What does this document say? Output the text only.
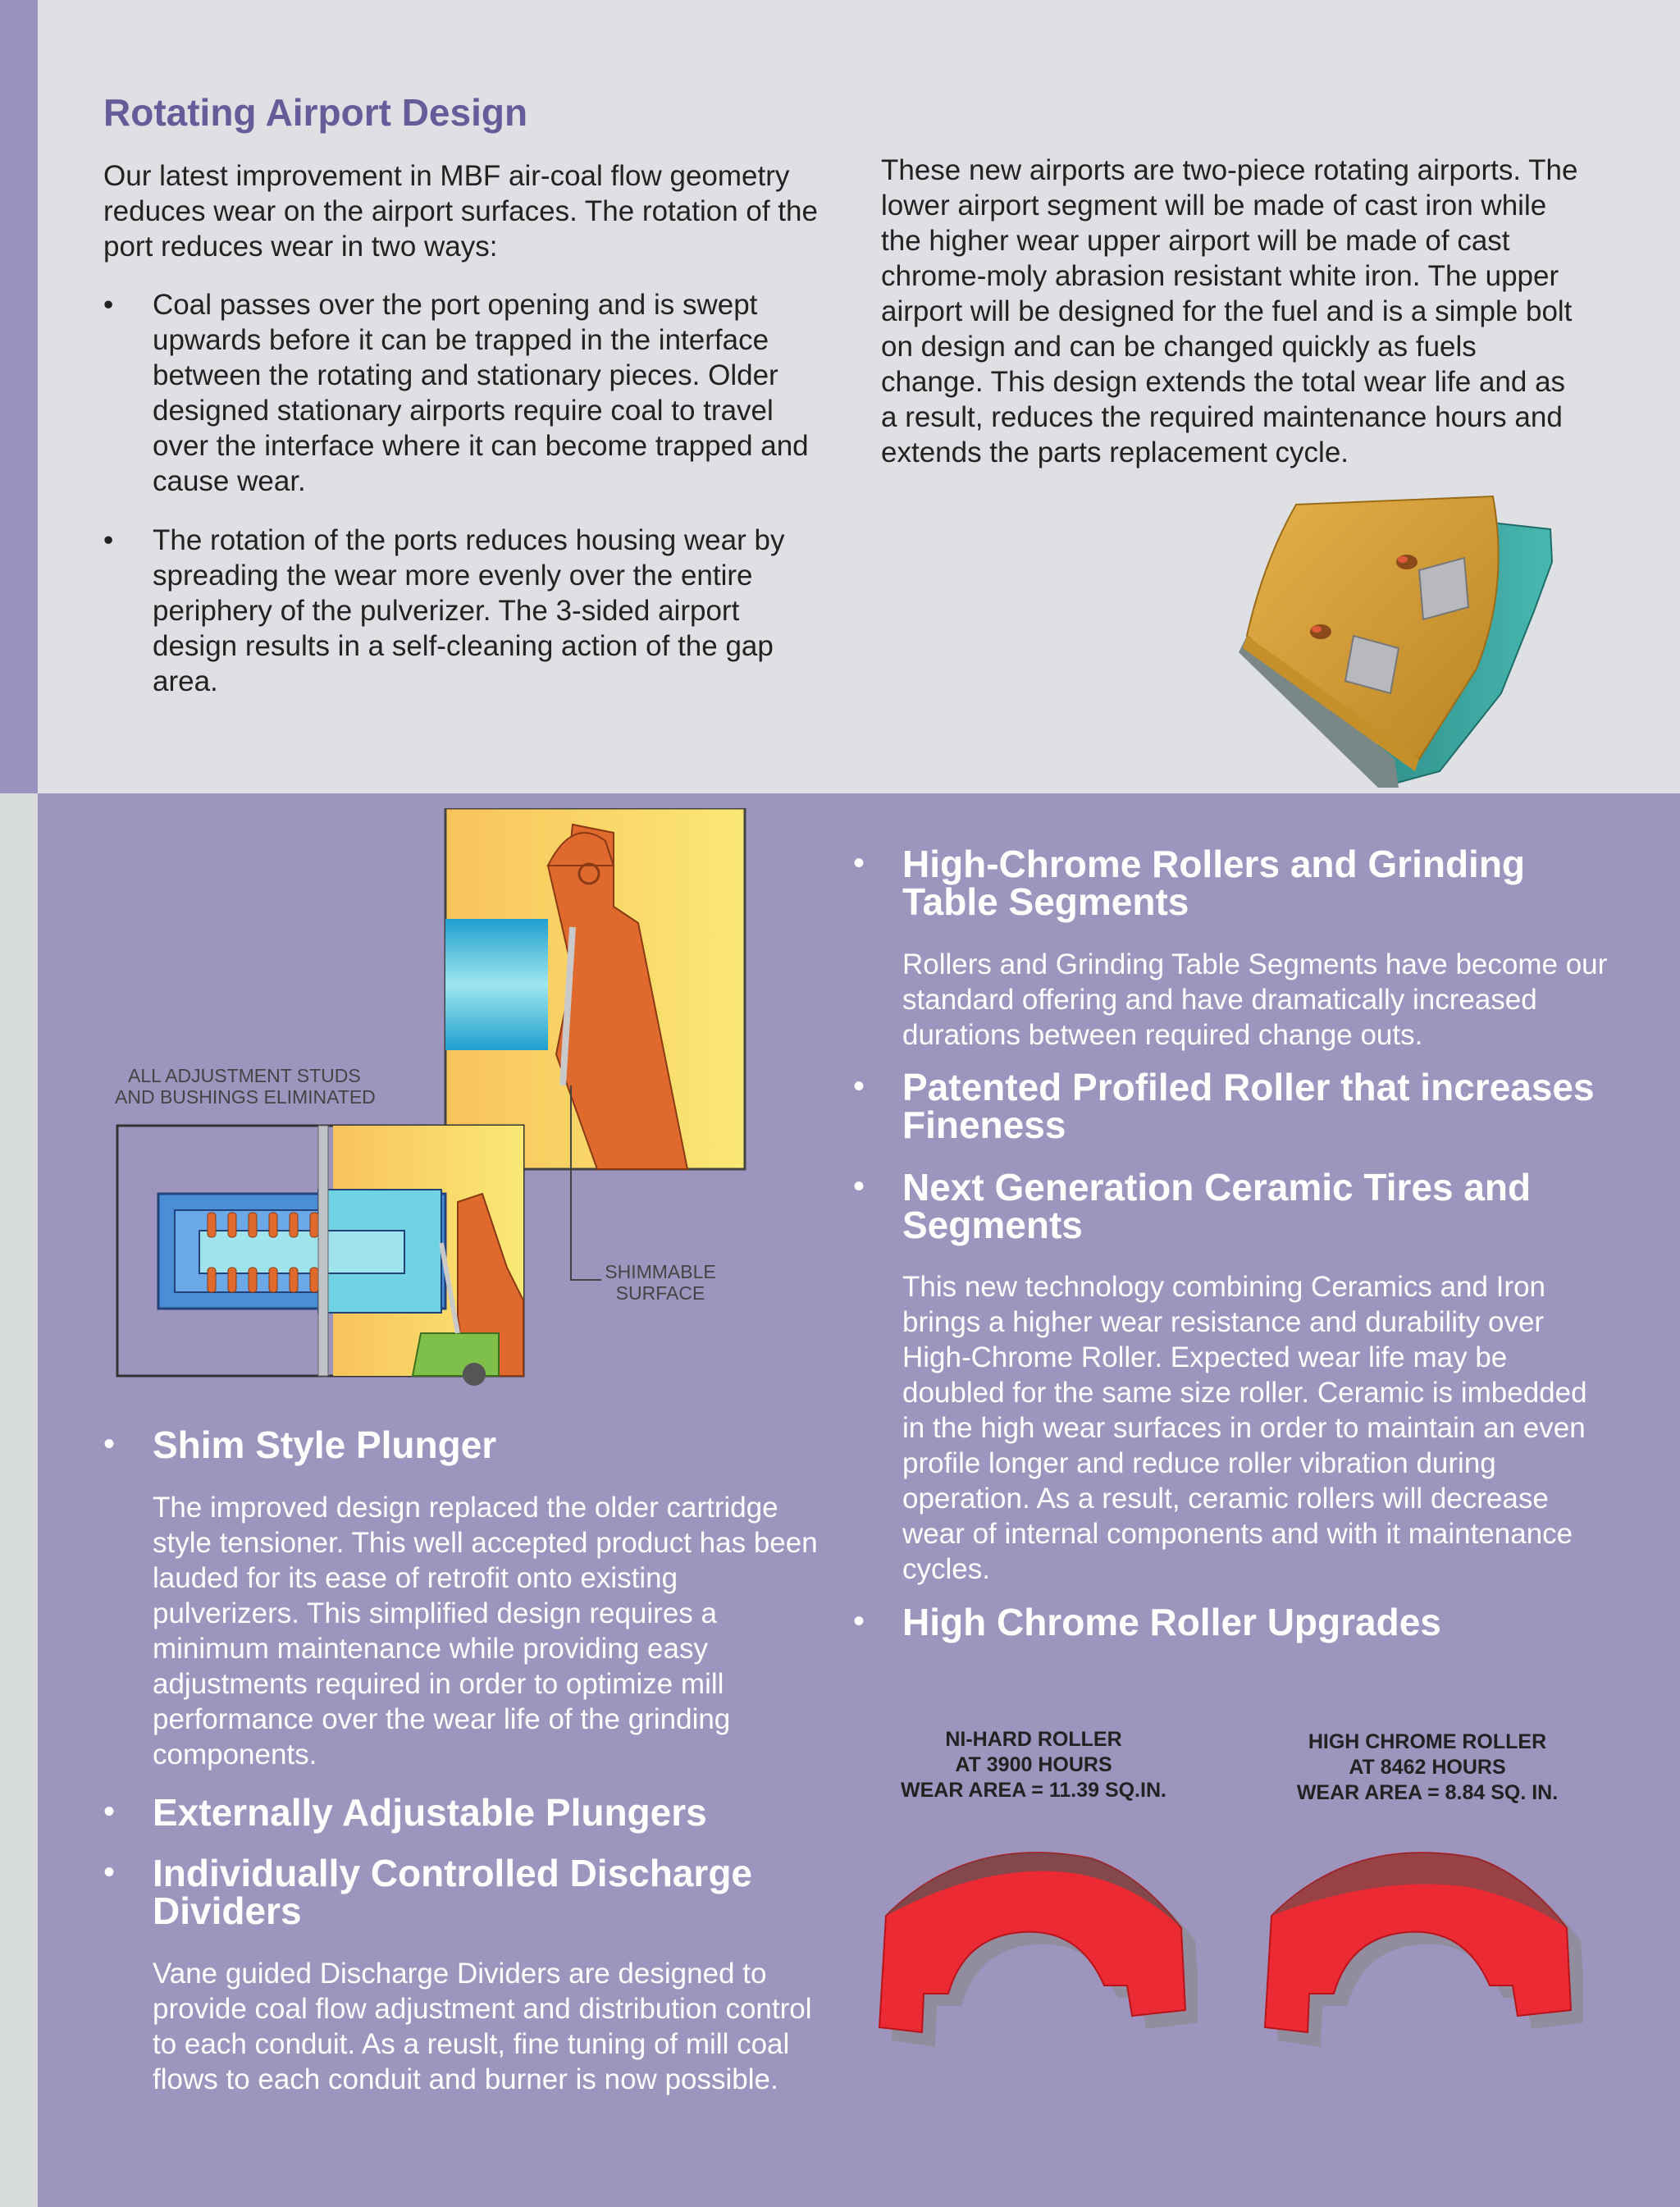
Rotating Airport Design
Our latest improvement in MBF air-coal flow geometry reduces wear on the airport surfaces. The rotation of the port reduces wear in two ways:
•	Coal passes over the port opening and is swept upwards before it can be trapped in the interface between the rotating and stationary pieces. Older designed stationary airports require coal to travel over the interface where it can become trapped and cause wear.
•	The rotation of the ports reduces housing wear by spreading the wear more evenly over the entire periphery of the pulverizer. The 3-sided airport design results in a self-cleaning action of the gap area.
These new airports are two-piece rotating airports. The lower airport segment will be made of cast iron while the higher wear upper airport will be made of cast chrome-moly abrasion resistant white iron. The upper airport will be designed for the fuel and is a simple bolt on design and can be changed quickly as fuels change. This design extends the total wear life and as a result, reduces the required maintenance hours and extends the parts replacement cycle.
ALL ADJUSTMENT STUDS
AND BUSHINGS ELIMINATED
SHIMMABLE
SURFACE
• Shim Style Plunger
The improved design replaced the older cartridge style tensioner. This well accepted product has been lauded for its ease of retrofit onto existing pulverizers. This simplified design requires a minimum maintenance while providing easy adjustments required in order to optimize mill performance over the wear life of the grinding components.
• Externally Adjustable Plungers
• Individually Controlled Discharge Dividers
Vane guided Discharge Dividers are designed to provide coal flow adjustment and distribution control to each conduit. As a reuslt, fine tuning of mill coal flows to each conduit and burner is now possible.
• High-Chrome Rollers and Grinding Table Segments
Rollers and Grinding Table Segments have become our standard offering and have dramatically increased durations between required change outs.
• Patented Profiled Roller that increases Fineness
• Next Generation Ceramic Tires and Segments
This new technology combining Ceramics and Iron brings a higher wear resistance and durability over High-Chrome Roller. Expected wear life may be doubled for the same size roller. Ceramic is imbedded in the high wear surfaces in order to maintain an even profile longer and reduce roller vibration during operation. As a result, ceramic rollers will decrease wear of internal components and with it maintenance cycles.
• High Chrome Roller Upgrades
NI-HARD ROLLER
AT 3900 HOURS
WEAR AREA = 11.39 SQ.IN.
HIGH CHROME ROLLER
AT 8462 HOURS
WEAR AREA = 8.84 SQ. IN.
